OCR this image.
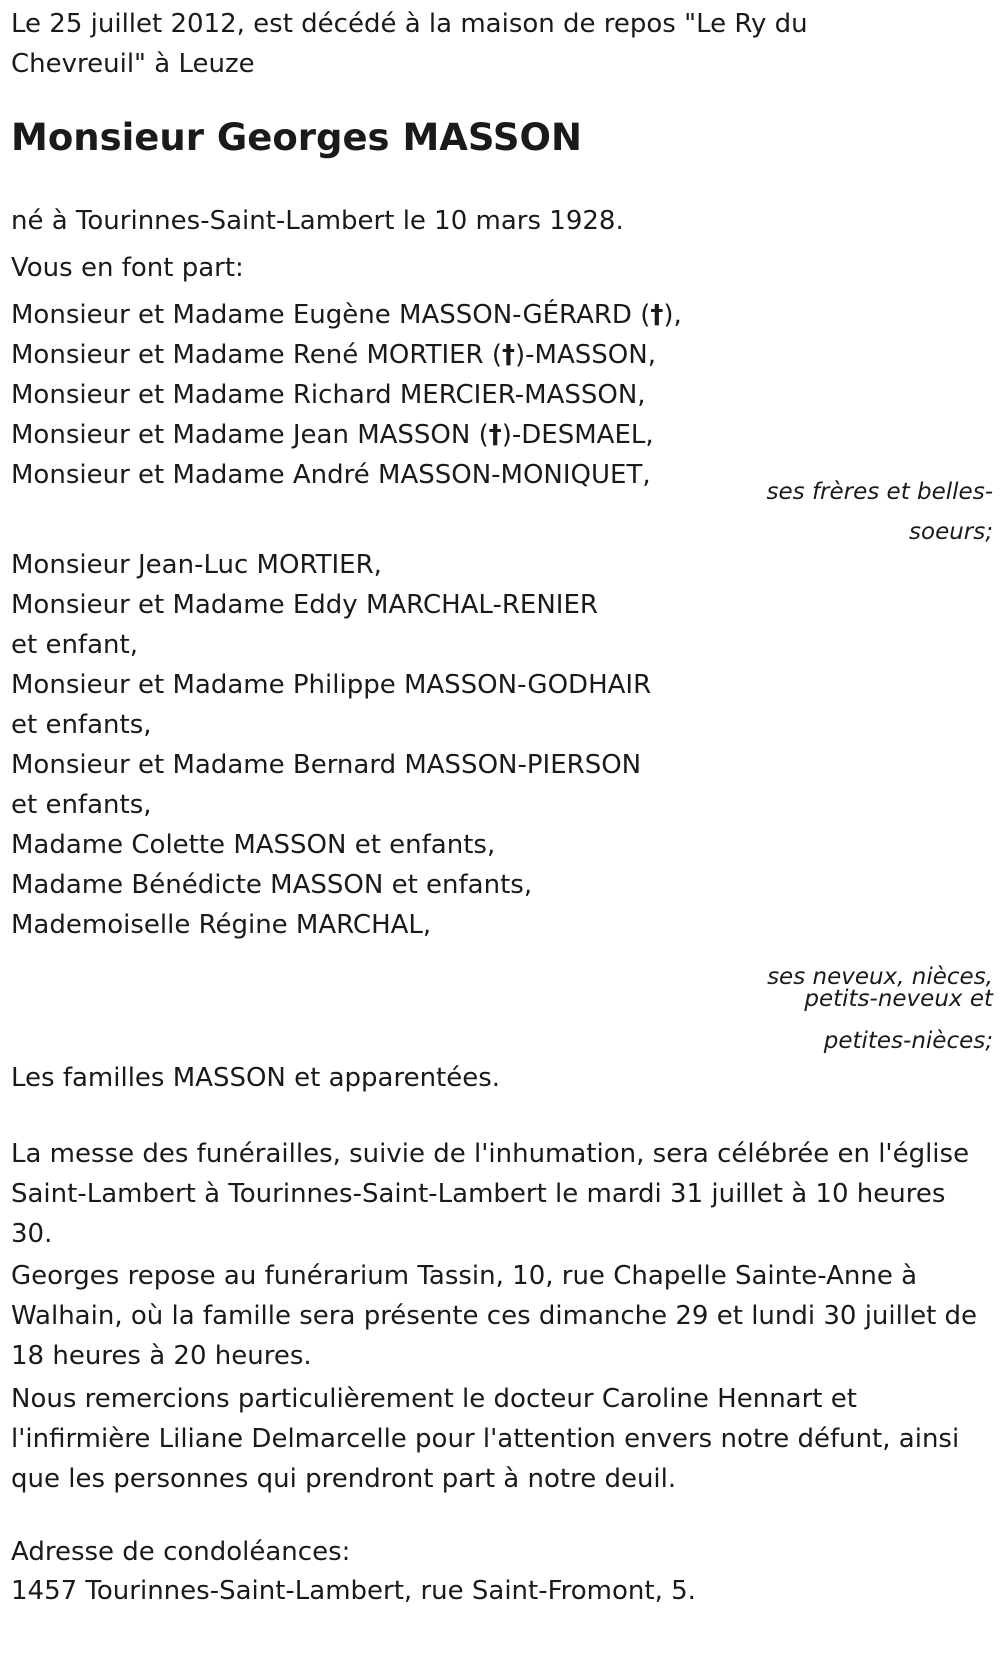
Le 25 juillet 2012, est décédé à la maison de repos "Le Ry du Chevreuil" à Leuze

Monsieur Georges MASSON

né à Tourinnes-Saint-Lambert le 10 mars 1928.

Vous en font part:

Monsieur et Madame Eugène MASSON-GÉRARD (†),

Monsieur et Madame René MORTIER (†)-MASSON,

Monsieur et Madame Richard MERCIER-MASSON,

Monsieur et Madame Jean MASSON (†)-DESMAEL,

Monsieur et Madame André MASSON-MONIQUET,

ses frères et belles-
soeurs;

Monsieur Jean-Luc MORTIER,

Monsieur et Madame Eddy MARCHAL-RENIER

et enfant,

Monsieur et Madame Philippe MASSON-GODHAIR

et enfants,

Monsieur et Madame Bernard MASSON-PIERSON

et enfants,

Madame Colette MASSON et enfants,

Madame Bénédicte MASSON et enfants,

Mademoiselle Régine MARCHAL,

ses neveux, nièces,
petits-neveux et
petites-nièces;

Les familles MASSON et apparentées.

La messe des funérailles, suivie de l'inhumation, sera célébrée en l'église Saint-Lambert à Tourinnes-Saint-Lambert le mardi 31 juillet à 10 heures 30.

Georges repose au funérarium Tassin, 10, rue Chapelle Sainte-Anne à Walhain, où la famille sera présente ces dimanche 29 et lundi 30 juillet de 18 heures à 20 heures.

Nous remercions particulièrement le docteur Caroline Hennart et l'infirmière Liliane Delmarcelle pour l'attention envers notre défunt, ainsi que les personnes qui prendront part à notre deuil.

Adresse de condoléances:

1457 Tourinnes-Saint-Lambert, rue Saint-Fromont, 5.
